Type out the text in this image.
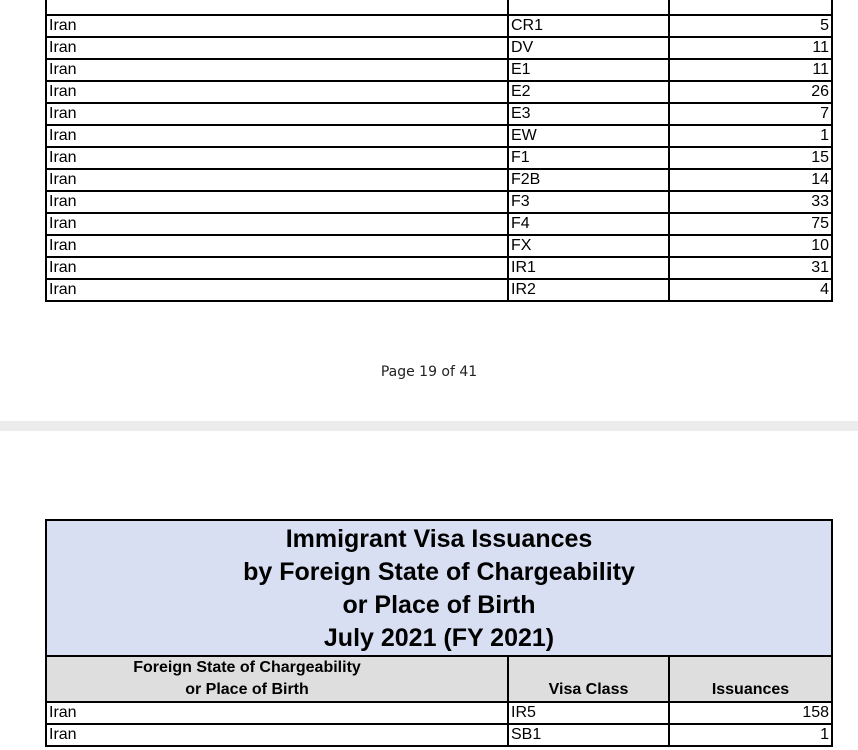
Iran	CR1	5
Iran	DV	11
Iran	E1	11
Iran	E2	26
Iran	E3	7
Iran	EW	1
Iran	F1	15
Iran	F2B	14
Iran	F3	33
Iran	F4	75
Iran	FX	10
Iran	IR1	31
Iran	IR2	4
Page 19 of 41
Immigrant Visa Issuances
by Foreign State of Chargeability
or Place of Birth
July 2021 (FY 2021)		

Foreign State of Chargeability
or Place of Birth	Visa Class	Issuances
Iran	IR5	158
Iran	SB1	1
